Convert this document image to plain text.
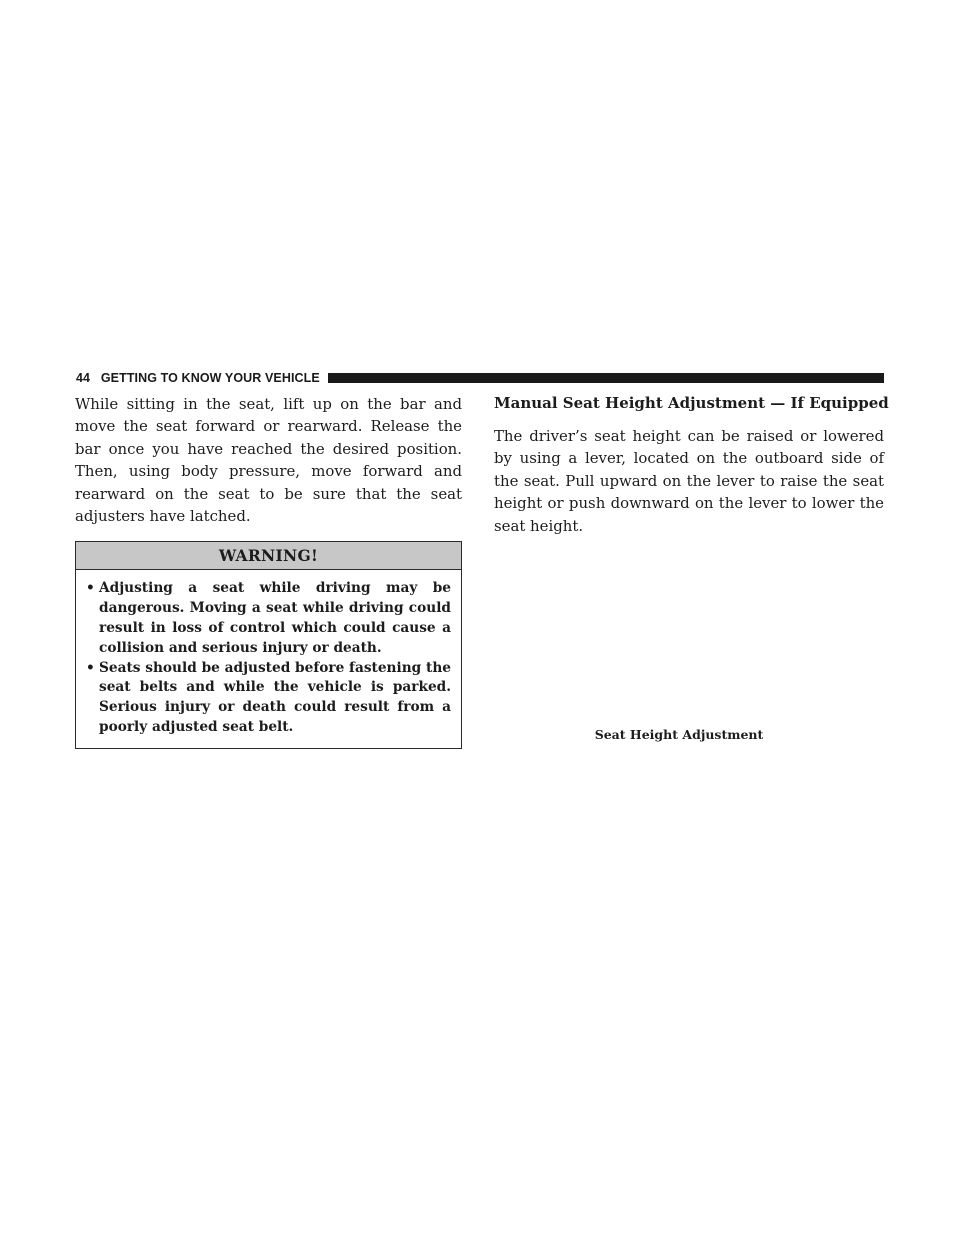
44 GETTING TO KNOW YOUR VEHICLE

While sitting in the seat, lift up on the bar and move the seat forward or rearward. Release the bar once you have reached the desired position. Then, using body pressure, move forward and rearward on the seat to be sure that the seat adjusters have latched.

WARNING!
• Adjusting a seat while driving may be dangerous. Moving a seat while driving could result in loss of control which could cause a collision and serious injury or death.
• Seats should be adjusted before fastening the seat belts and while the vehicle is parked. Serious injury or death could result from a poorly adjusted seat belt.
Manual Seat Height Adjustment — If Equipped

The driver’s seat height can be raised or lowered by using a lever, located on the outboard side of the seat. Pull upward on the lever to raise the seat height or push downward on the lever to lower the seat height.

Seat Height Adjustment
